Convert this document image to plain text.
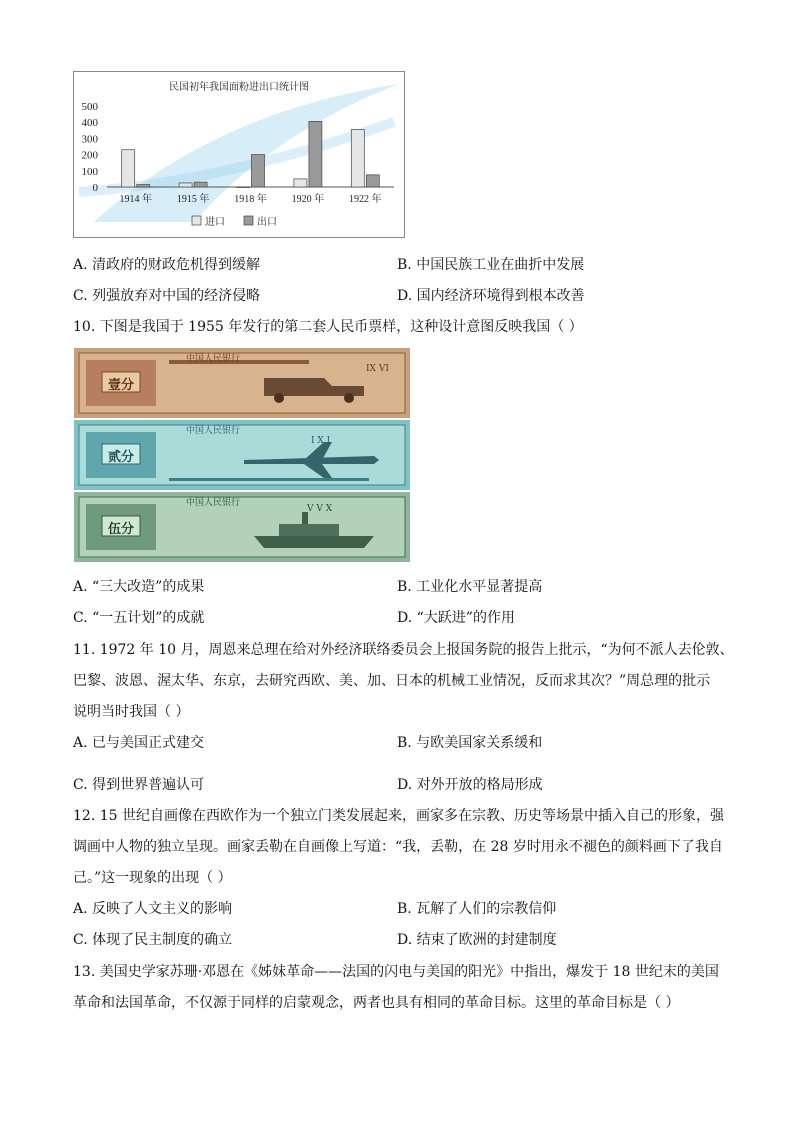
民国初年我国面粉进出口统计图
500
400
300
200
100
0
1914 年 1915 年 1918 年 1920 年 1922 年
进口	出口
A. 清政府的财政危机得到缓解	B. 中国民族工业在曲折中发展
C. 列强放弃对中国的经济侵略	D. 国内经济环境得到根本改善
10. 下图是我国于 1955 年发行的第二套人民币票样，这种设计意图反映我国（ ）
中国人民银行
壹分
IX VI
中国人民银行
贰分
I X I
中国人民银行
伍分
V V X
A. “三大改造”的成果	B. 工业化水平显著提高
C. “一五计划”的成就	D. “大跃进”的作用
11. 1972 年 10 月，周恩来总理在给对外经济联络委员会上报国务院的报告上批示，“为何不派人去伦敦、
巴黎、波恩、渥太华、东京，去研究西欧、美、加、日本的机械工业情况，反而求其次？”周总理的批示
说明当时我国（ ）
A. 已与美国正式建交	B. 与欧美国家关系缓和
C. 得到世界普遍认可	D. 对外开放的格局形成
12. 15 世纪自画像在西欧作为一个独立门类发展起来，画家多在宗教、历史等场景中插入自己的形象，强
调画中人物的独立呈现。画家丢勒在自画像上写道：“我，丢勒，在 28 岁时用永不褪色的颜料画下了我自
己。”这一现象的出现（ ）
A. 反映了人文主义的影响	B. 瓦解了人们的宗教信仰
C. 体现了民主制度的确立	D. 结束了欧洲的封建制度
13. 美国史学家苏珊·邓恩在《姊妹革命——法国的闪电与美国的阳光》中指出，爆发于 18 世纪末的美国
革命和法国革命，不仅源于同样的启蒙观念，两者也具有相同的革命目标。这里的革命目标是（ ）
